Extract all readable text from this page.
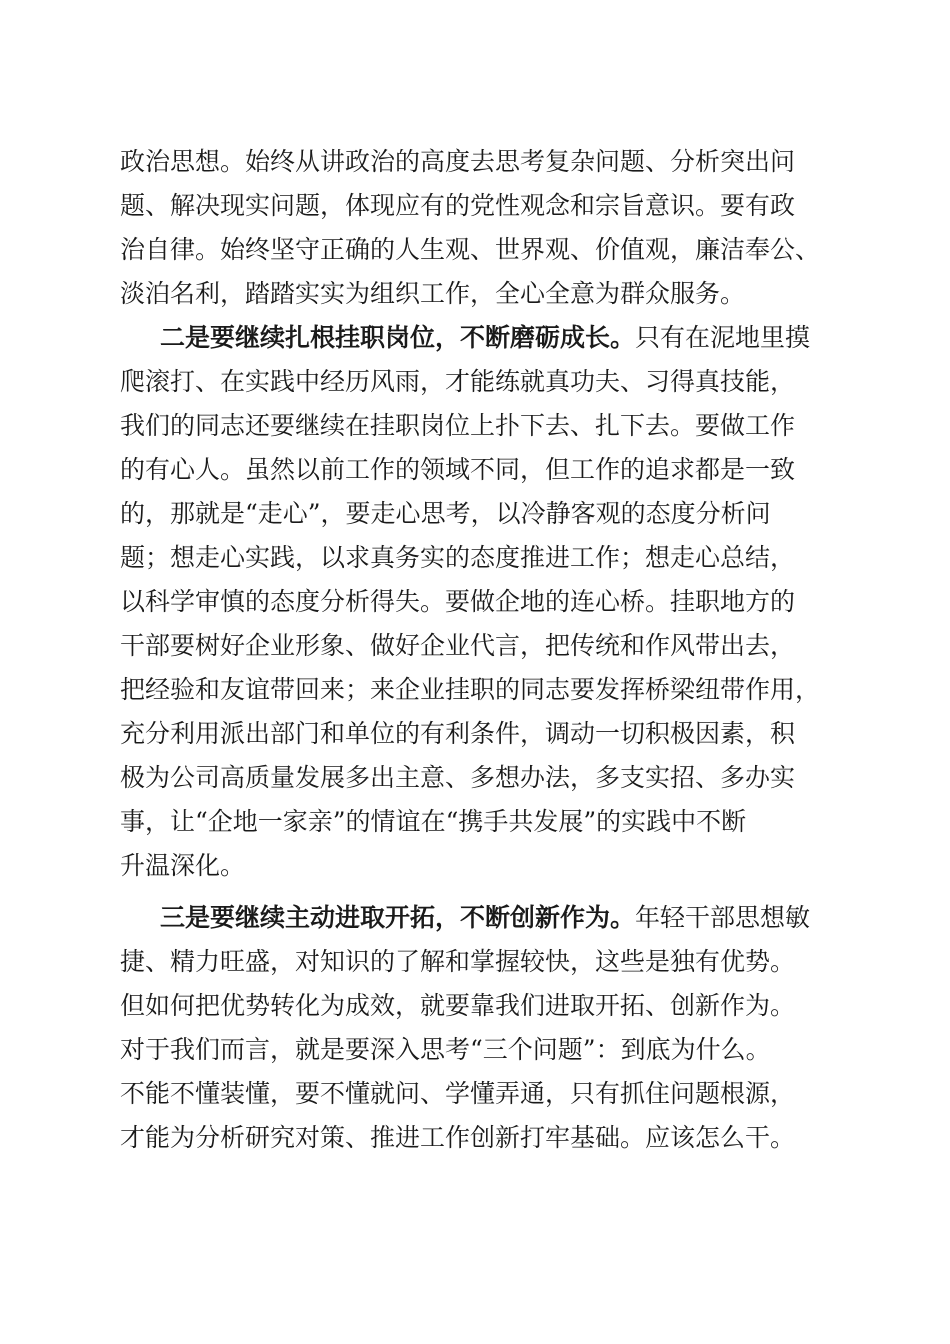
政治思想。始终从讲政治的高度去思考复杂问题、分析突出问
题、解决现实问题，体现应有的党性观念和宗旨意识。要有政
治自律。始终坚守正确的人生观、世界观、价值观，廉洁奉公、
淡泊名利，踏踏实实为组织工作，全心全意为群众服务。
二是要继续扎根挂职岗位，不断磨砺成长。只有在泥地里摸
爬滚打、在实践中经历风雨，才能练就真功夫、习得真技能，
我们的同志还要继续在挂职岗位上扑下去、扎下去。要做工作
的有心人。虽然以前工作的领域不同，但工作的追求都是一致
的，那就是“走心”，要走心思考，以冷静客观的态度分析问
题；想走心实践，以求真务实的态度推进工作；想走心总结，
以科学审慎的态度分析得失。要做企地的连心桥。挂职地方的
干部要树好企业形象、做好企业代言，把传统和作风带出去，
把经验和友谊带回来；来企业挂职的同志要发挥桥梁纽带作用，
充分利用派出部门和单位的有利条件，调动一切积极因素，积
极为公司高质量发展多出主意、多想办法，多支实招、多办实
事，让“企地一家亲”的情谊在“携手共发展”的实践中不断
升温深化。
三是要继续主动进取开拓，不断创新作为。年轻干部思想敏
捷、精力旺盛，对知识的了解和掌握较快，这些是独有优势。
但如何把优势转化为成效，就要靠我们进取开拓、创新作为。
对于我们而言，就是要深入思考“三个问题”：到底为什么。
不能不懂装懂，要不懂就问、学懂弄通，只有抓住问题根源，
才能为分析研究对策、推进工作创新打牢基础。应该怎么干。
